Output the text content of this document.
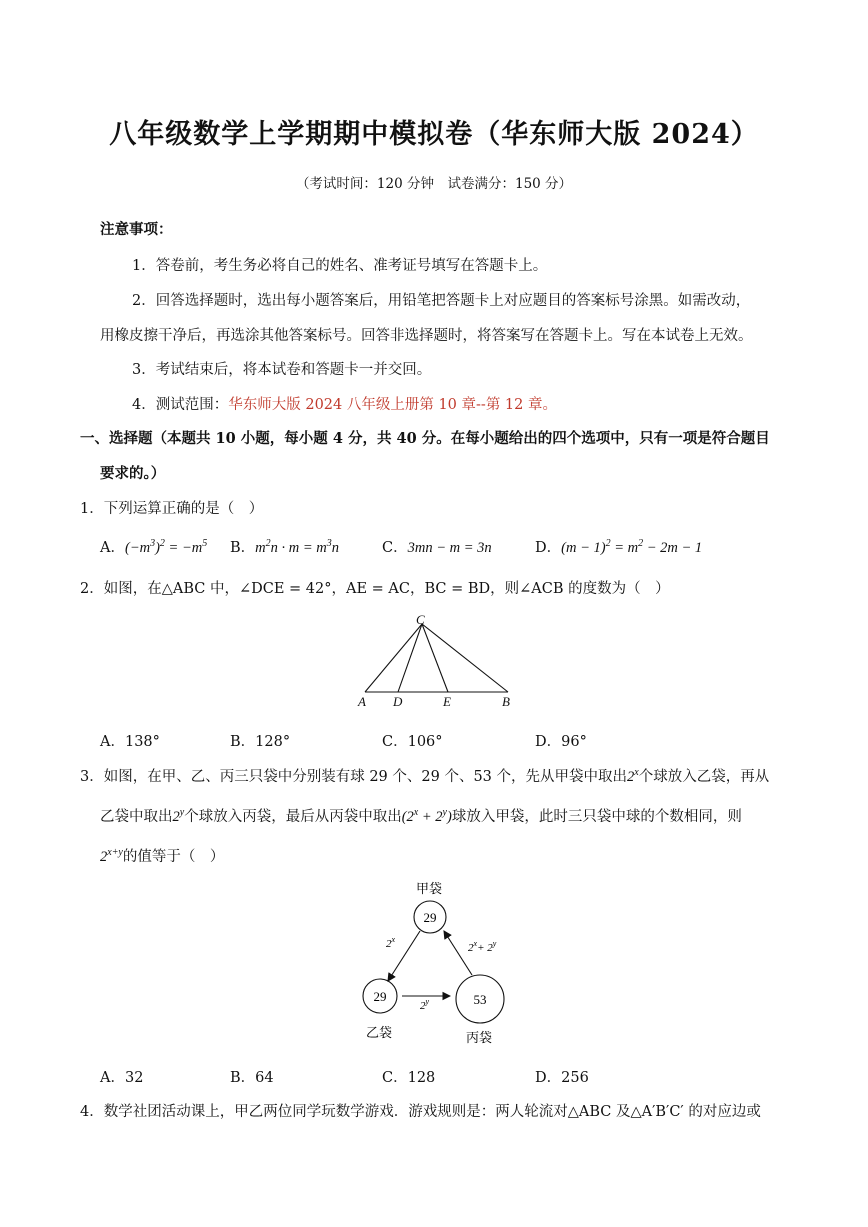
八年级数学上学期期中模拟卷（华东师大版 2024）
（考试时间：120 分钟　试卷满分：150 分）
注意事项：
1．答卷前，考生务必将自己的姓名、准考证号填写在答题卡上。
2．回答选择题时，选出每小题答案后，用铅笔把答题卡上对应题目的答案标号涂黑。如需改动，
用橡皮擦干净后，再选涂其他答案标号。回答非选择题时，将答案写在答题卡上。写在本试卷上无效。
3．考试结束后，将本试卷和答题卡一并交回。
4．测试范围：华东师大版 2024 八年级上册第 10 章--第 12 章。
一、选择题（本题共 10 小题，每小题 4 分，共 40 分。在每小题给出的四个选项中，只有一项是符合题目
要求的。）
1．下列运算正确的是（　）
A．$(-m^3)^2 = -m^5$ B．$m^2n \cdot m = m^3n$	C．3mn − m = 3n	D．$(m - 1)^2 = m^2 - 2m - 1$
2．如图，在△ABC 中，∠DCE = 42°，AE = AC，BC = BD，则∠ACB 的度数为（　）
C
A D	E	B
A．138°	B．128°	C．106°	D．96°
3．如图，在甲、乙、丙三只袋中分别装有球 29 个、29 个、53 个，先从甲袋中取出2$^x$个球放入乙袋，再从
乙袋中取出2$^y$个球放入丙袋，最后从丙袋中取出$(2^x + 2^y)$球放入甲袋，此时三只袋中球的个数相同，则
$2^{x+y}$的值等于（　）
甲袋
29
29
乙袋
53
丙袋
2$^x$
2$^y$
$2^x+ 2^y$
A．32	B．64	C．128	D．256
4．数学社团活动课上，甲乙两位同学玩数学游戏．游戏规则是：两人轮流对△ABC 及△A′B′C′ 的对应边或
